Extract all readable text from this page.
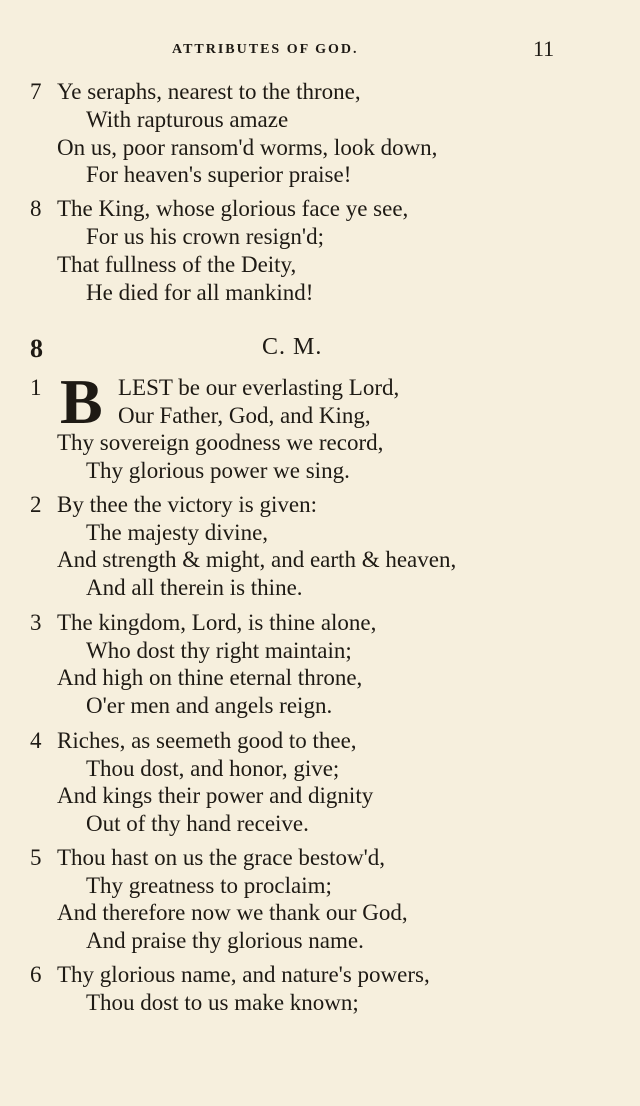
ATTRIBUTES OF GOD.	11
7 Ye seraphs, nearest to the throne,
With rapturous amaze
On us, poor ransom'd worms, look down,
For heaven's superior praise!
8 The King, whose glorious face ye see,
For us his crown resign'd;
That fullness of the Deity,
He died for all mankind!
8	C. M.
1 B LEST be our everlasting Lord,
Our Father, God, and King,
Thy sovereign goodness we record,
Thy glorious power we sing.
2 By thee the victory is given:
The majesty divine,
And strength & might, and earth & heaven,
And all therein is thine.
3 The kingdom, Lord, is thine alone,
Who dost thy right maintain;
And high on thine eternal throne,
O'er men and angels reign.
4 Riches, as seemeth good to thee,
Thou dost, and honor, give;
And kings their power and dignity
Out of thy hand receive.
5 Thou hast on us the grace bestow'd,
Thy greatness to proclaim;
And therefore now we thank our God,
And praise thy glorious name.
6 Thy glorious name, and nature's powers,
Thou dost to us make known;
